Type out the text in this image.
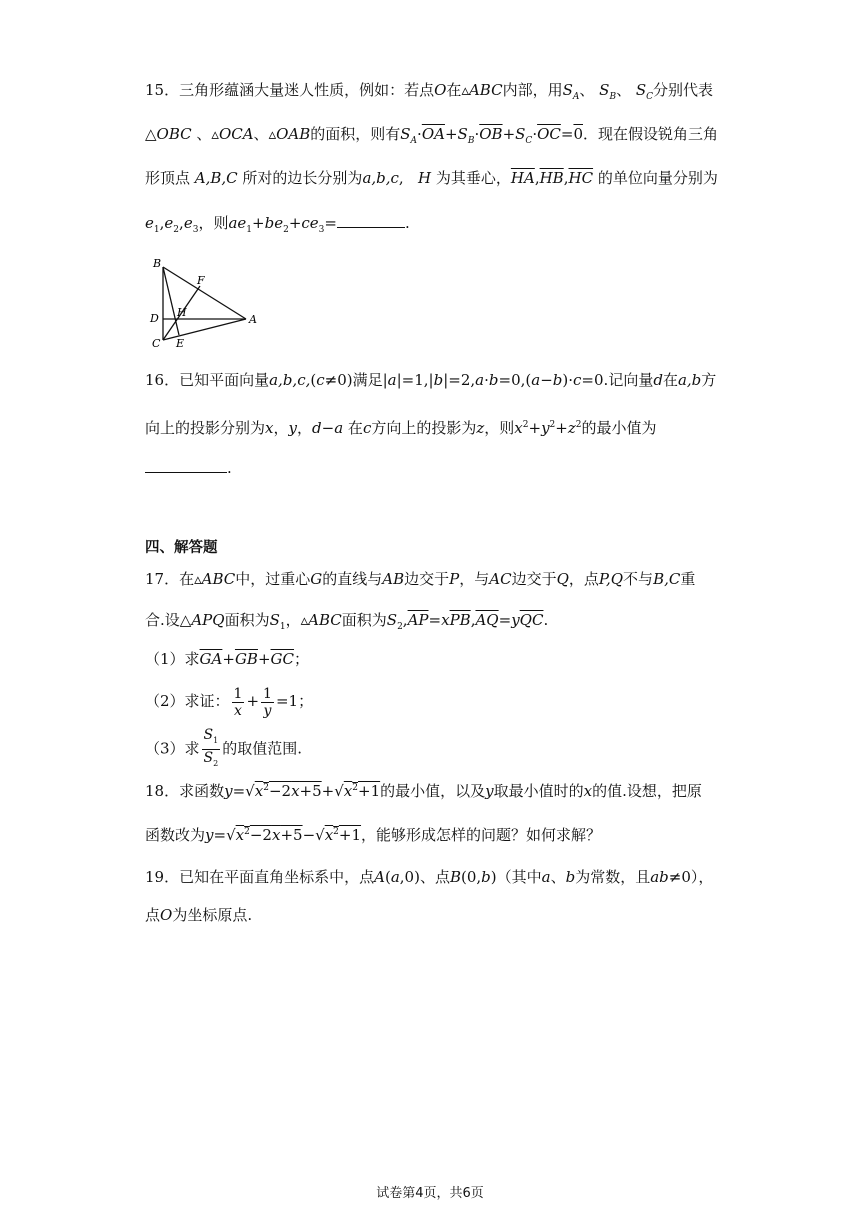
15．三角形蕴涵大量迷人性质，例如：若点O在▵ABC内部，用$S_A$、 $S_B$、 $S_C$分别代表
△OBC 、▵OCA、▵OAB的面积，则有$S_A\cdot\overline{OA}+S_B\cdot\overline{OB}+S_C\cdot\overline{OC}=0$．现在假设锐角三角
形顶点 A,B,C 所对的边长分别为a,b,c,   H 为其垂心，$\overline{HA},\overline{HB},\overline{HC}$ 的单位向量分别为
$e_1,e_2,e_3$，则$ae_1+be_2+ce_3=$	.
B
F
D H
A
C E
16．已知平面向量a,b,c,(c≠0)满足|a|=1,|b|=2,a·b=0,(a−b)·c=0.记向量d在a,b方
向上的投影分别为x，y，d−a 在c方向上的投影为z，则$x^2+y^2+z^2$的最小值为
.
四、解答题
17．在▵ABC中，过重心G的直线与AB边交于P，与AC边交于Q，点P,Q不与B,C重
合.设△APQ面积为$S_1$，▵ABC面积为$S_2,\overline{AP}=x\overline{PB},\overline{AQ}=y\overline{QC}$.
（1）求$\overline{GA}+\overline{GB}+\overline{GC}$；
（2）求证： $\frac{1}{x} + \frac{1}{y} =1$；
（3）求 $\frac{S_1}{S_2}$ 的取值范围.
18．求函数$y=√x^2-2x+5+√x^2+1$的最小值，以及y取最小值时的x的值.设想，把原
函数改为$y=√x^2-2x+5-√x^2+1$，能够形成怎样的问题？如何求解？
19．已知在平面直角坐标系中，点A(a,0)、点B(0,b)（其中a、b为常数，且ab≠0），
点O为坐标原点.
试卷第4页，共6页
